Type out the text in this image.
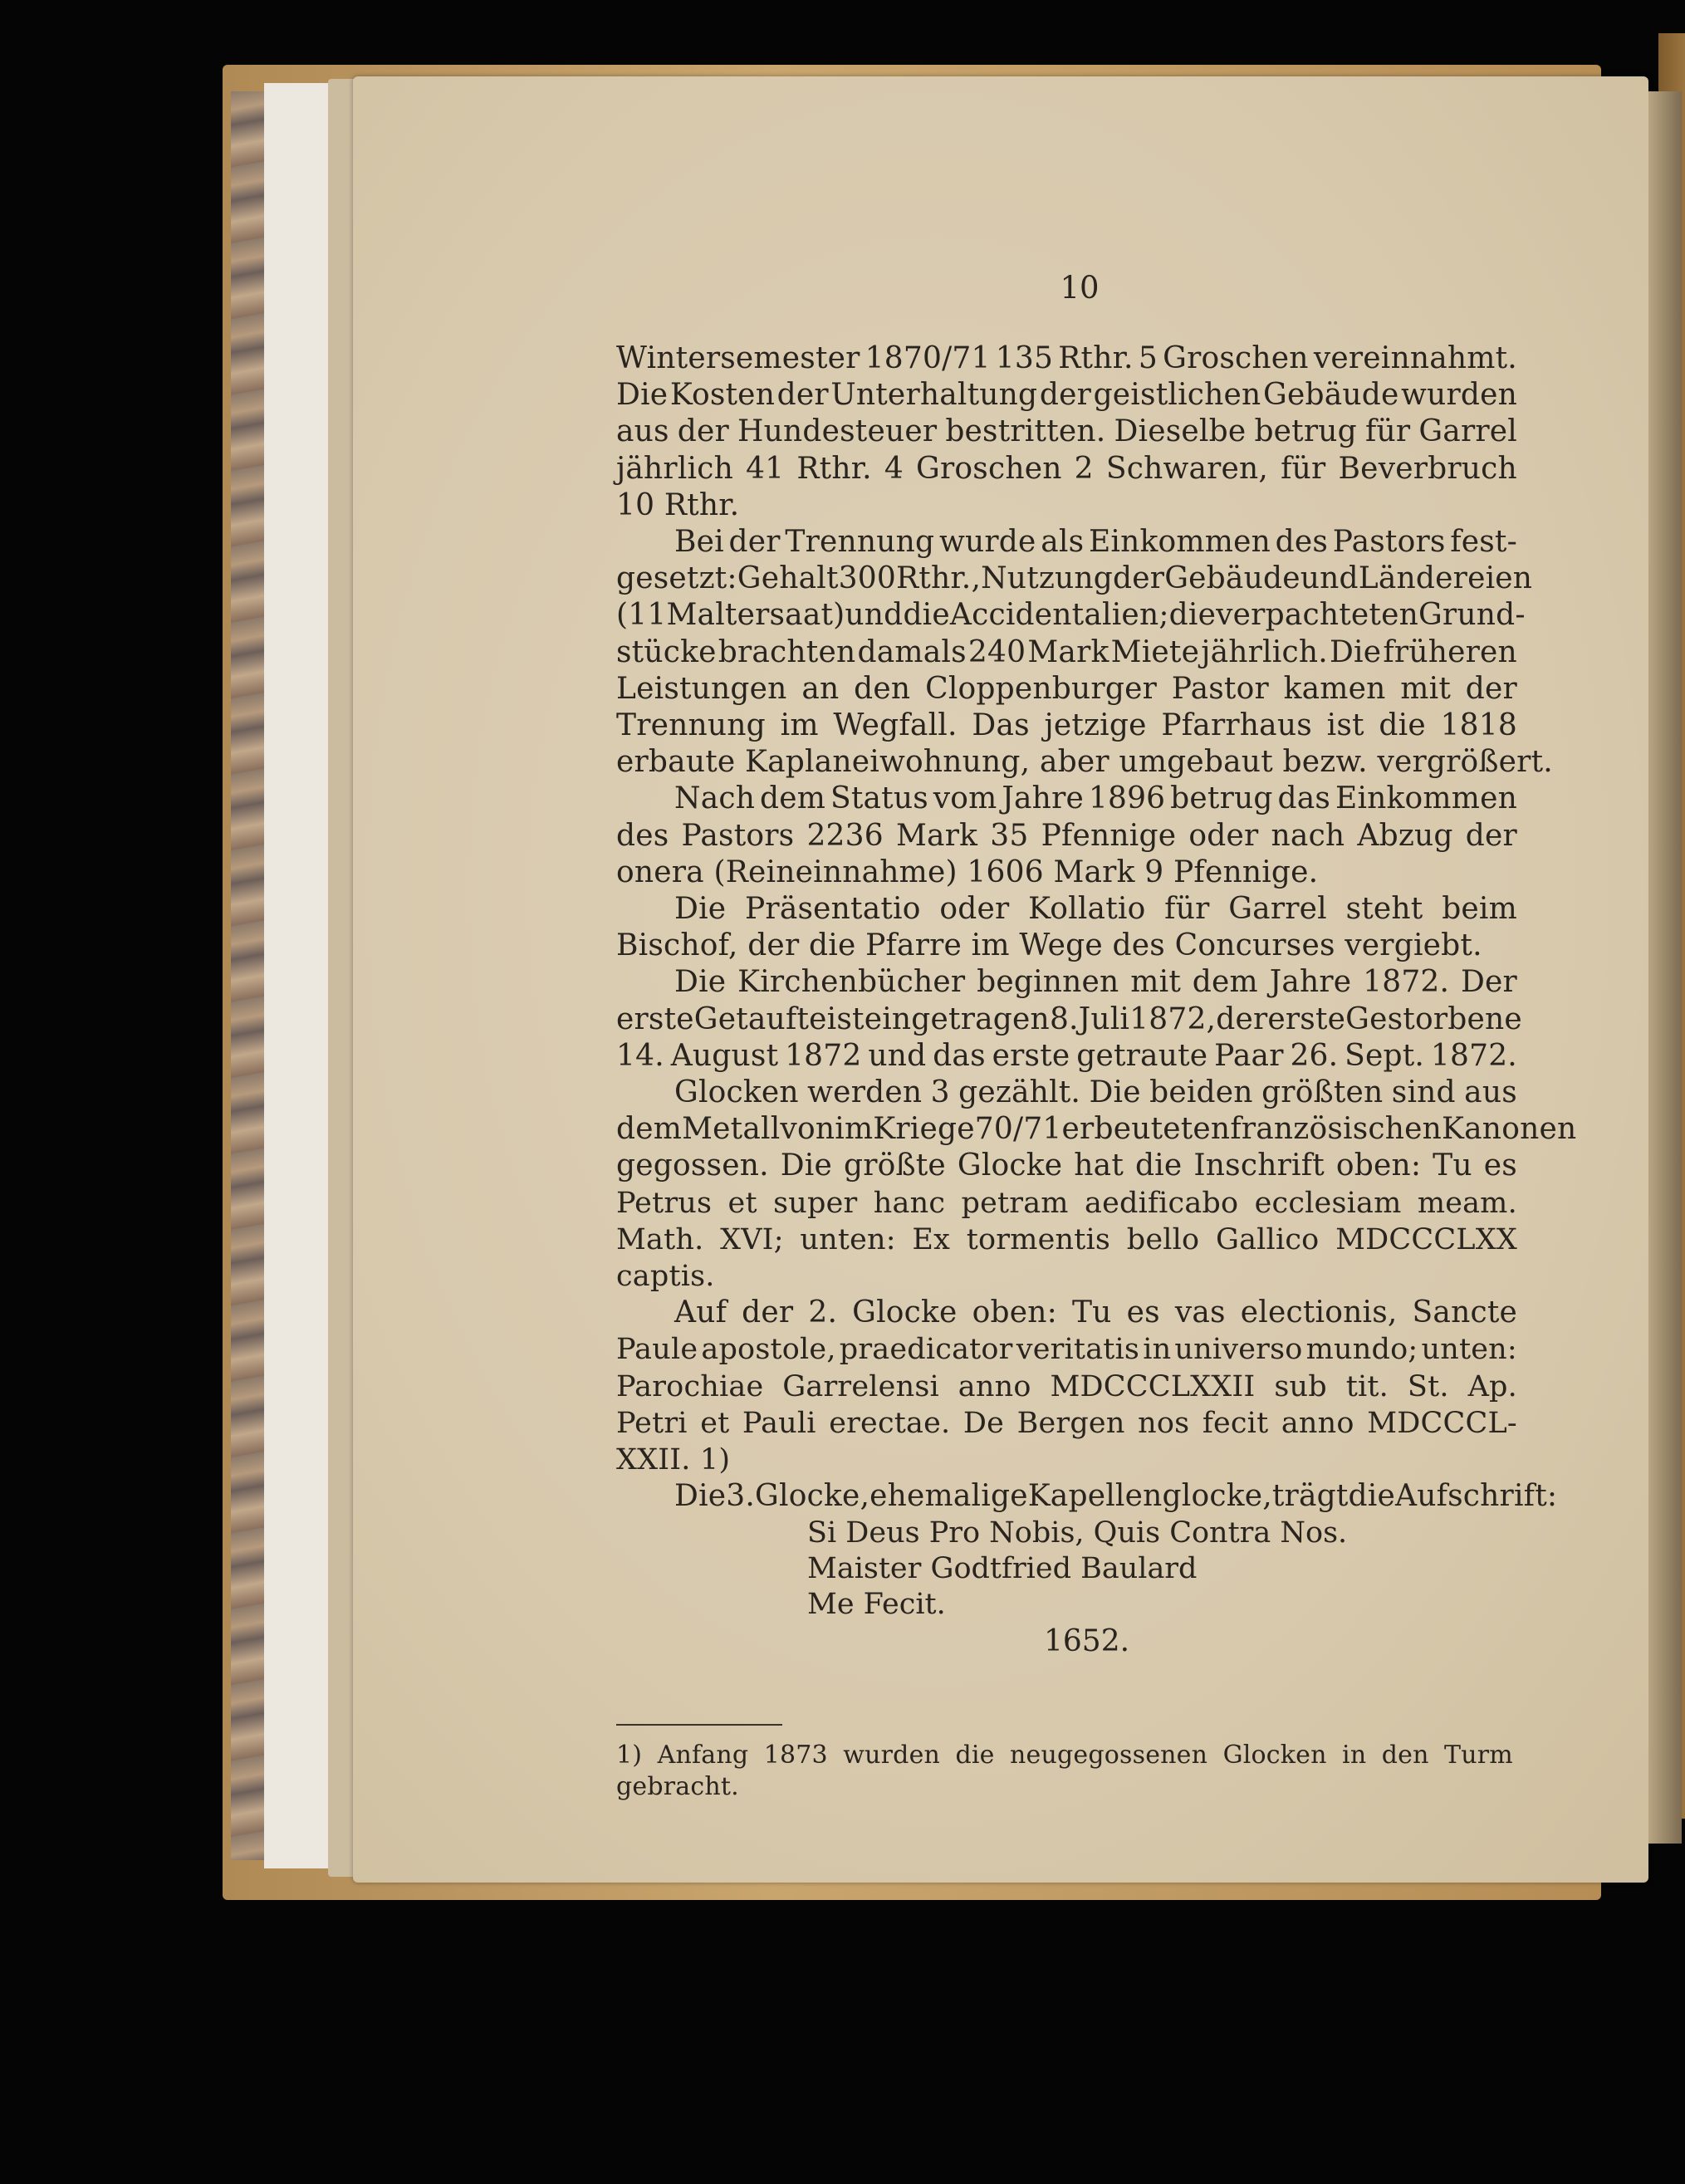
10
Wintersemester 1870/71 135 Rthr. 5 Groschen vereinnahmt.
Die Kosten der Unterhaltung der geistlichen Gebäude wurden
aus der Hundesteuer bestritten. Dieselbe betrug für Garrel
jährlich 41 Rthr. 4 Groschen 2 Schwaren, für Beverbruch
10 Rthr.
Bei der Trennung wurde als Einkommen des Pastors fest-
gesetzt: Gehalt 300 Rthr., Nutzung der Gebäude und Ländereien
(11 Maltersaat) und die Accidentalien; die verpachteten Grund-
stücke brachten damals 240 Mark Miete jährlich. Die früheren
Leistungen an den Cloppenburger Pastor kamen mit der
Trennung im Wegfall. Das jetzige Pfarrhaus ist die 1818
erbaute Kaplaneiwohnung, aber umgebaut bezw. vergrößert.
Nach dem Status vom Jahre 1896 betrug das Einkommen
des Pastors 2236 Mark 35 Pfennige oder nach Abzug der
onera (Reineinnahme) 1606 Mark 9 Pfennige.
Die Präsentatio oder Kollatio für Garrel steht beim
Bischof, der die Pfarre im Wege des Concurses vergiebt.
Die Kirchenbücher beginnen mit dem Jahre 1872. Der
erste Getaufte ist eingetragen 8. Juli 1872, der erste Gestorbene
14. August 1872 und das erste getraute Paar 26. Sept. 1872.
Glocken werden 3 gezählt. Die beiden größten sind aus
dem Metall von im Kriege 70/71 erbeuteten französischen Kanonen
gegossen. Die größte Glocke hat die Inschrift oben: Tu es
Petrus et super hanc petram aedificabo ecclesiam meam.
Math. XVI; unten: Ex tormentis bello Gallico MDCCCLXX
captis.
Auf der 2. Glocke oben: Tu es vas electionis, Sancte
Paule apostole, praedicator veritatis in universo mundo; unten:
Parochiae Garrelensi anno MDCCCLXXII sub tit. St. Ap.
Petri et Pauli erectae. De Bergen nos fecit anno MDCCCL-
XXII. 1)
Die 3. Glocke, ehemalige Kapellenglocke, trägt die Aufschrift:
Si Deus Pro Nobis, Quis Contra Nos.
Maister Godtfried Baulard
Me Fecit.
1652.
1) Anfang 1873 wurden die neugegossenen Glocken in den Turm
gebracht.
